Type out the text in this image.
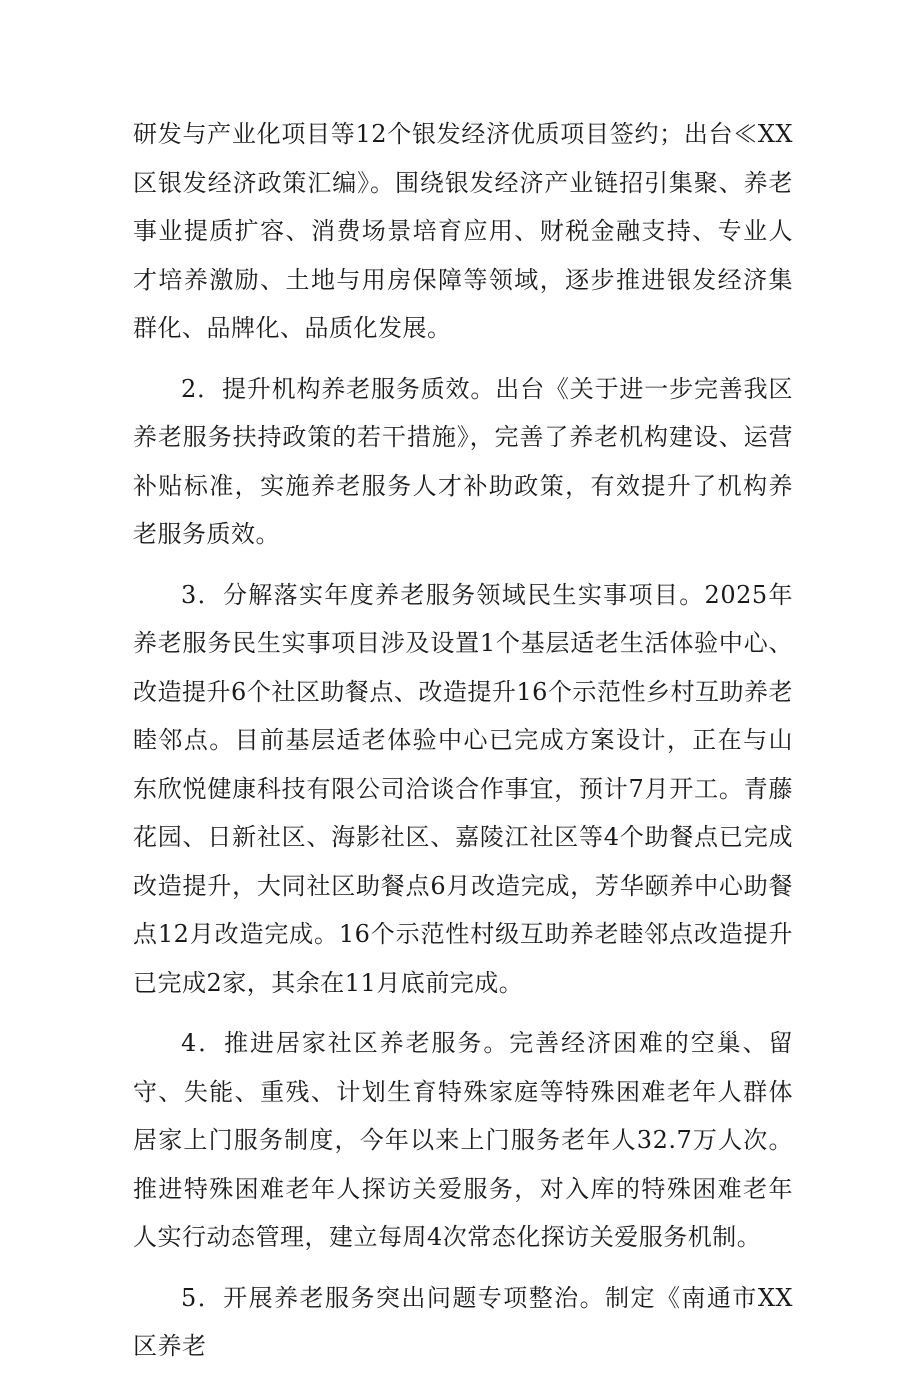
研发与产业化项目等12个银发经济优质项目签约；出台≪XX区银发经济政策汇编》。围绕银发经济产业链招引集聚、养老事业提质扩容、消费场景培育应用、财税金融支持、专业人才培养激励、土地与用房保障等领域，逐步推进银发经济集群化、品牌化、品质化发展。

2．提升机构养老服务质效。出台《关于进一步完善我区养老服务扶持政策的若干措施》，完善了养老机构建设、运营补贴标准，实施养老服务人才补助政策，有效提升了机构养老服务质效。

3．分解落实年度养老服务领域民生实事项目。2025年养老服务民生实事项目涉及设置1个基层适老生活体验中心、改造提升6个社区助餐点、改造提升16个示范性乡村互助养老睦邻点。目前基层适老体验中心已完成方案设计，正在与山东欣悦健康科技有限公司洽谈合作事宜，预计7月开工。青藤花园、日新社区、海影社区、嘉陵江社区等4个助餐点已完成改造提升，大同社区助餐点6月改造完成，芳华颐养中心助餐点12月改造完成。16个示范性村级互助养老睦邻点改造提升已完成2家，其余在11月底前完成。

4．推进居家社区养老服务。完善经济困难的空巢、留守、失能、重残、计划生育特殊家庭等特殊困难老年人群体居家上门服务制度，今年以来上门服务老年人32.7万人次。推进特殊困难老年人探访关爱服务，对入库的特殊困难老年人实行动态管理，建立每周4次常态化探访关爱服务机制。

5．开展养老服务突出问题专项整治。制定《南通市XX区养老
